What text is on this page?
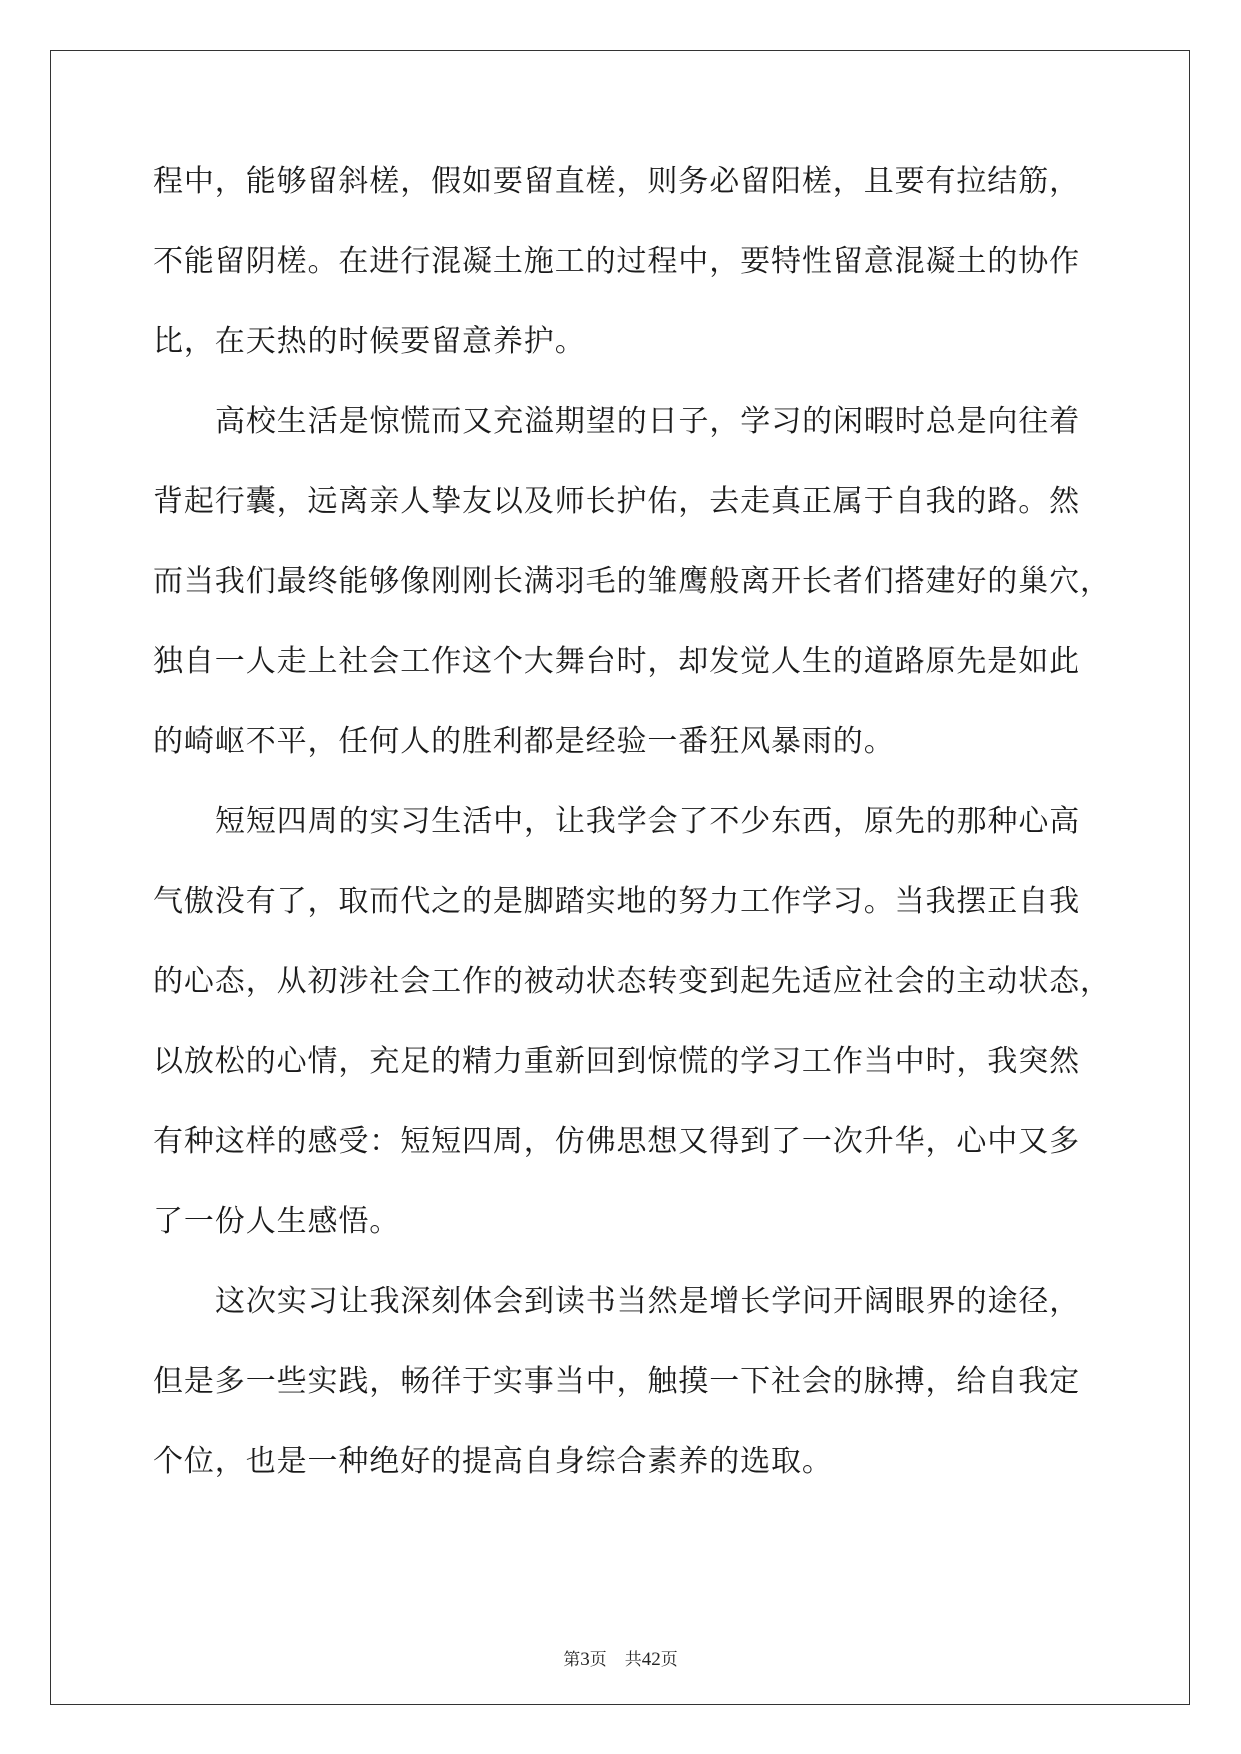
程中，能够留斜槎，假如要留直槎，则务必留阳槎，且要有拉结筋，
不能留阴槎。在进行混凝土施工的过程中，要特性留意混凝土的协作
比，在天热的时候要留意养护。
高校生活是惊慌而又充溢期望的日子，学习的闲暇时总是向往着
背起行囊，远离亲人挚友以及师长护佑，去走真正属于自我的路。然
而当我们最终能够像刚刚长满羽毛的雏鹰般离开长者们搭建好的巢穴，
独自一人走上社会工作这个大舞台时，却发觉人生的道路原先是如此
的崎岖不平，任何人的胜利都是经验一番狂风暴雨的。
短短四周的实习生活中，让我学会了不少东西，原先的那种心高
气傲没有了，取而代之的是脚踏实地的努力工作学习。当我摆正自我
的心态，从初涉社会工作的被动状态转变到起先适应社会的主动状态，
以放松的心情，充足的精力重新回到惊慌的学习工作当中时，我突然
有种这样的感受：短短四周，仿佛思想又得到了一次升华，心中又多
了一份人生感悟。
这次实习让我深刻体会到读书当然是增长学问开阔眼界的途径，
但是多一些实践，畅徉于实事当中，触摸一下社会的脉搏，给自我定
个位，也是一种绝好的提高自身综合素养的选取。
第3页 共42页
